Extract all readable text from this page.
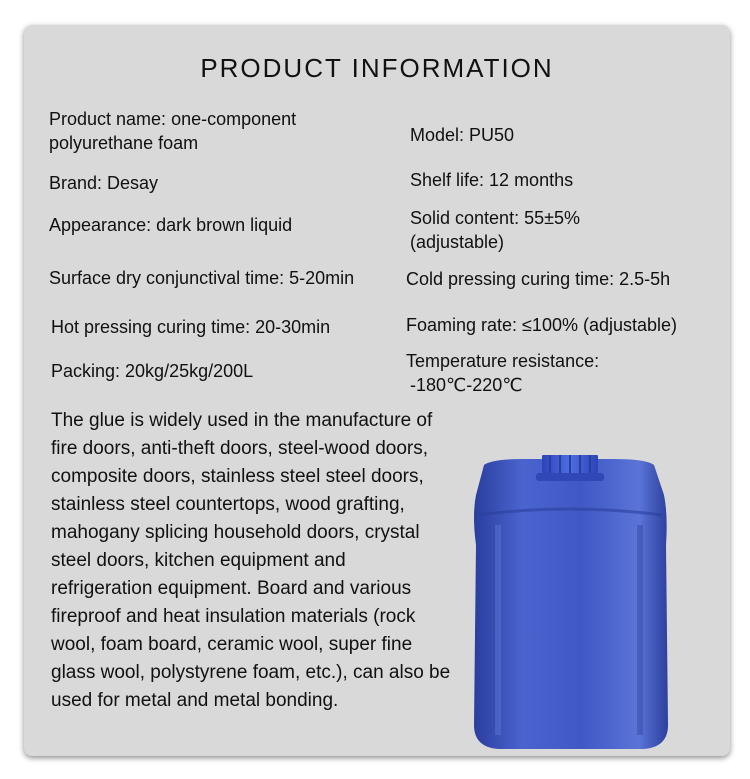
PRODUCT INFORMATION
Product name: one-component
polyurethane foam	Model: PU50
Brand: Desay	Shelf life: 12 months
Appearance: dark brown liquid	Solid content: 55±5%
(adjustable)
Surface dry conjunctival time: 5-20min	Cold pressing curing time: 2.5-5h
Hot pressing curing time: 20-30min	Foaming rate: ≤100% (adjustable)
Packing: 20kg/25kg/200L	Temperature resistance:
-180℃-220℃
The glue is widely used in the manufacture of fire doors, anti-theft doors, steel-wood doors, composite doors, stainless steel steel doors, stainless steel countertops, wood grafting, mahogany splicing household doors, crystal steel doors, kitchen equipment and refrigeration equipment. Board and various fireproof and heat insulation materials (rock wool, foam board, ceramic wool, super fine glass wool, polystyrene foam, etc.), can also be used for metal and metal bonding.
